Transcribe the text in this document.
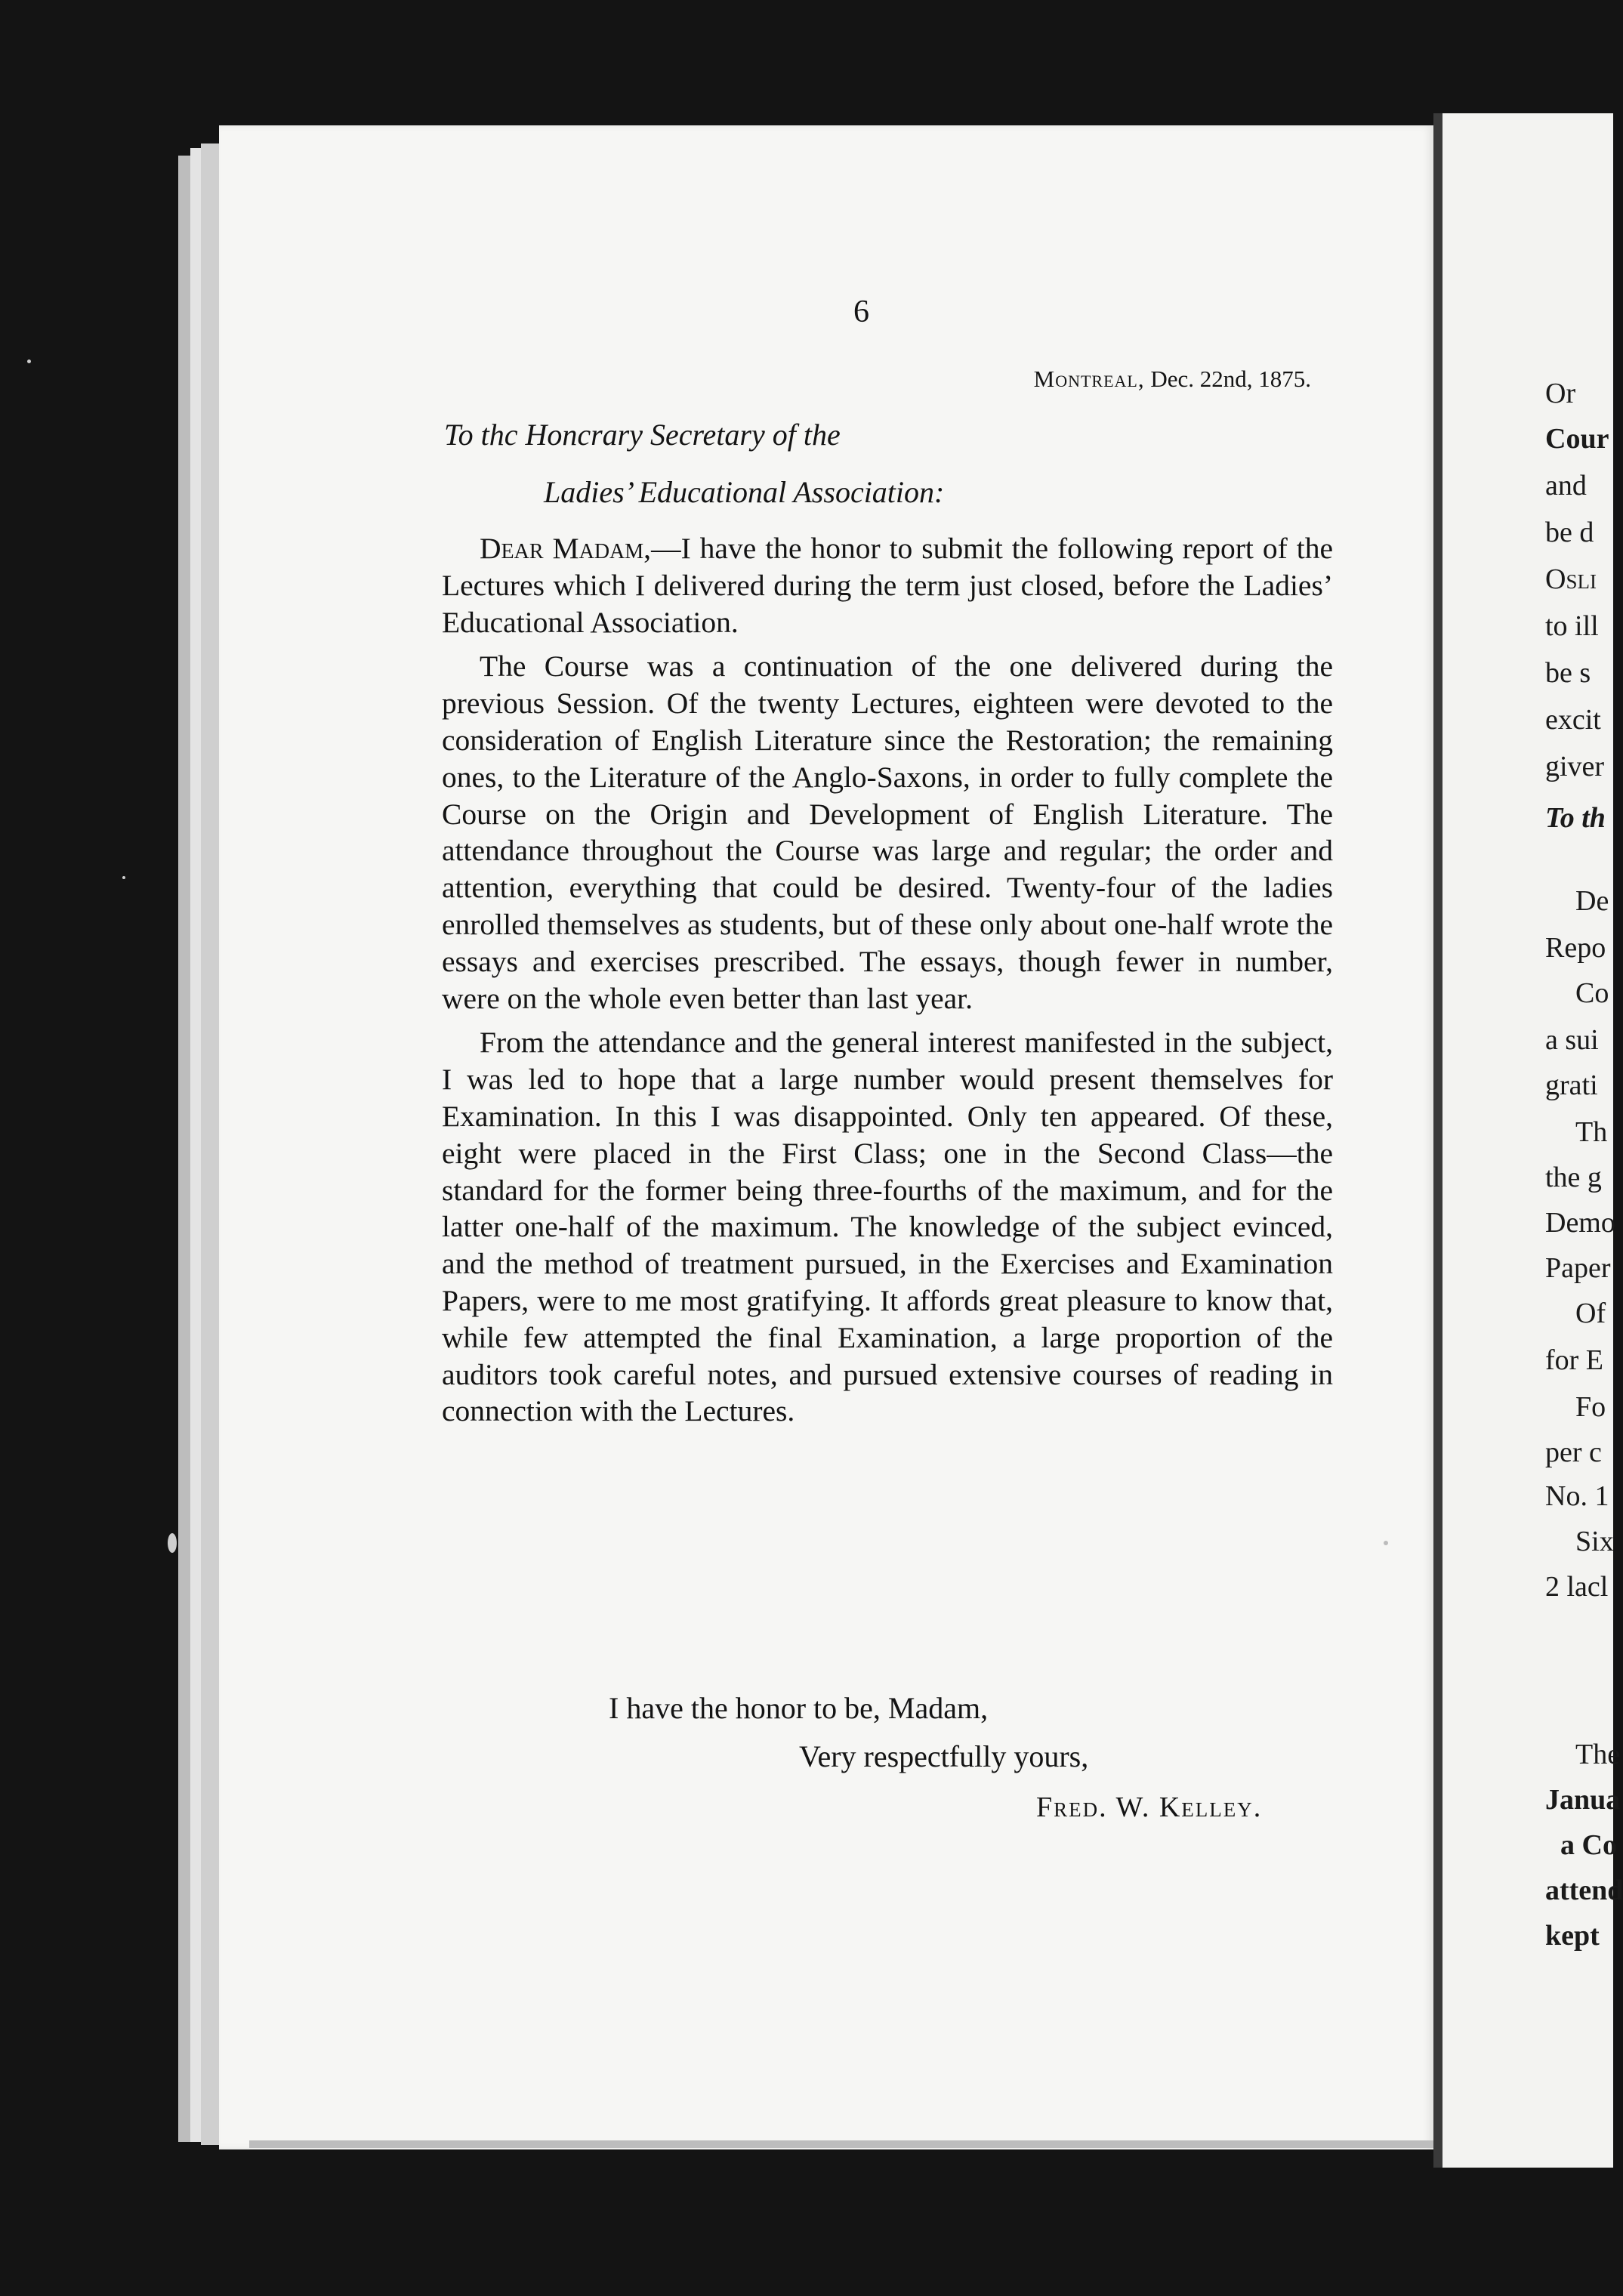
Or
Cour
and
be d
Osli
to ill
be s
excit
giver
To th
De
Repo
Co
a sui
grati
Th
the g
Demo
Paper
Of
for E
Fo
per c
No. 1
Six
2 lacl
The
Janua
a Co
attend
kept
6
Montreal, Dec. 22nd, 1875.
To thc Honcrary Secretary of the
Ladies’ Educational Association:

Dear Madam,—I have the honor to submit the following report of the Lectures which I delivered during the term just closed, before the Ladies’ Educational Association.

The Course was a continuation of the one delivered during the previous Session. Of the twenty Lectures, eighteen were devoted to the consideration of English Literature since the Restoration; the remaining ones, to the Literature of the Anglo-Saxons, in order to fully complete the Course on the Origin and Development of English Literature. The attendance throughout the Course was large and regular; the order and attention, everything that could be desired. Twenty-four of the ladies enrolled themselves as students, but of these only about one-half wrote the essays and exercises prescribed. The essays, though fewer in number, were on the whole even better than last year.

From the attendance and the general interest manifested in the subject, I was led to hope that a large number would present themselves for Examination. In this I was disappointed. Only ten appeared. Of these, eight were placed in the First Class; one in the Second Class—the standard for the former being three-fourths of the maximum, and for the latter one-half of the maximum. The knowledge of the subject evinced, and the method of treatment pursued, in the Exercises and Examination Papers, were to me most gratifying. It affords great pleasure to know that, while few attempted the final Examination, a large proportion of the auditors took careful notes, and pursued extensive courses of reading in connection with the Lectures.

I have the honor to be, Madam,
Very respectfully yours,
Fred. W. Kelley.
